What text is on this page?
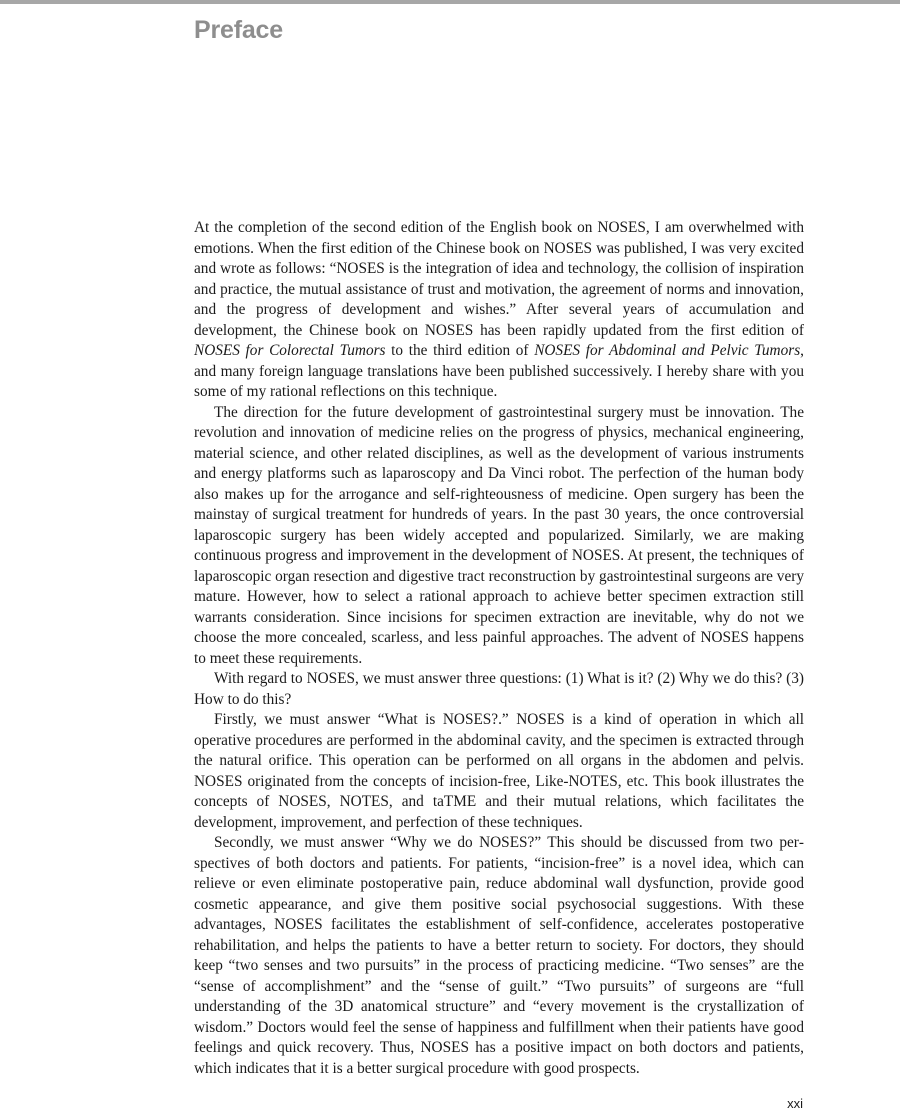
Preface

At the completion of the second edition of the English book on NOSES, I am overwhelmed with emotions. When the first edition of the Chinese book on NOSES was published, I was very excited and wrote as follows: “NOSES is the integration of idea and technology, the collision of inspiration and practice, the mutual assistance of trust and motivation, the agreement of norms and innovation, and the progress of development and wishes.” After several years of accumulation and development, the Chinese book on NOSES has been rapidly updated from the first edition of NOSES for Colorectal Tumors to the third edition of NOSES for Abdominal and Pelvic Tumors, and many foreign language translations have been published successively. I hereby share with you some of my rational reflections on this technique.

The direction for the future development of gastrointestinal surgery must be innovation. The revolution and innovation of medicine relies on the progress of physics, mechanical engineering, material science, and other related disciplines, as well as the development of various instruments and energy platforms such as laparoscopy and Da Vinci robot. The perfection of the human body also makes up for the arrogance and self-righteousness of medicine. Open surgery has been the mainstay of surgical treatment for hundreds of years. In the past 30 years, the once controversial laparoscopic surgery has been widely accepted and popularized. Similarly, we are making continuous progress and improvement in the development of NOSES. At present, the techniques of laparoscopic organ resection and digestive tract reconstruction by gastrointestinal surgeons are very mature. However, how to select a rational approach to achieve better specimen extraction still warrants consideration. Since incisions for specimen extraction are inevitable, why do not we choose the more concealed, scarless, and less painful approaches. The advent of NOSES happens to meet these requirements.

With regard to NOSES, we must answer three questions: (1) What is it? (2) Why we do this? (3) How to do this?

Firstly, we must answer “What is NOSES?.” NOSES is a kind of operation in which all operative procedures are performed in the abdominal cavity, and the specimen is extracted through the natural orifice. This operation can be performed on all organs in the abdomen and pelvis. NOSES originated from the concepts of incision-free, Like-NOTES, etc. This book illustrates the concepts of NOSES, NOTES, and taTME and their mutual relations, which facilitates the development, improvement, and perfection of these techniques.

Secondly, we must answer “Why we do NOSES?” This should be discussed from two perspectives of both doctors and patients. For patients, “incision-free” is a novel idea, which can relieve or even eliminate postoperative pain, reduce abdominal wall dysfunction, provide good cosmetic appearance, and give them positive social psychosocial suggestions. With these advantages, NOSES facilitates the establishment of self-confidence, accelerates postoperative rehabilitation, and helps the patients to have a better return to society. For doctors, they should keep “two senses and two pursuits” in the process of practicing medicine. “Two senses” are the “sense of accomplishment” and the “sense of guilt.” “Two pursuits” of surgeons are “full understanding of the 3D anatomical structure” and “every movement is the crystallization of wisdom.” Doctors would feel the sense of happiness and fulfillment when their patients have good feelings and quick recovery. Thus, NOSES has a positive impact on both doctors and patients, which indicates that it is a better surgical procedure with good prospects.

xxi
